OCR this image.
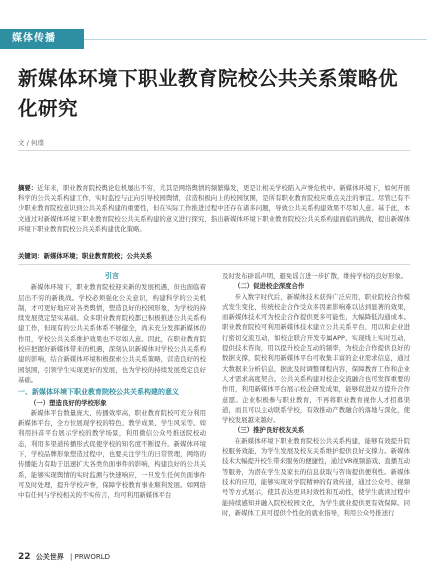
媒体传播
新媒体环境下职业教育院校公共关系策略优化研究
文 / 何璞
摘要：近年来，职业教育院校舆论危机屡出不穷，尤其是网络舆情的频繁爆发，更是让相关学校陷入声誉危机中。新媒体环境下，如何开展科学的公共关系构建工作，实时监控与正向引导校园舆情，营造积极向上的校园氛围，是所有职业教育院校应重点关注的事宜。尽管已有不少职业教育院校意识到公共关系构建的重要性，但在实际工作推进过程中还存在诸多问题，导致公共关系构建效果不尽如人意。基于此，本文通过对新媒体环境下职业教育院校公共关系构建的意义进行探究，指出新媒体环境下职业教育院校公共关系构建面临的挑战，提出新媒体环境下职业教育院校公共关系构建优化策略。
关键词：新媒体环境；职业教育院校；公共关系
引言

新媒体环境下，职业教育院校迎来新的发展机遇，但也面临着层出不穷的新挑战。学校必须强化公关意识，构建科学的公关机制，才可更好地应对各类舆情，塑造良好的校园形象，为学校的持续发展奠定坚实基础。众多职业教育院校都已积极推进公共关系构建工作，但现有的公共关系体系不够健全，尚未充分发挥新媒体的作用，学校公共关系维护效果也不尽如人意。因此，在职业教育院校应把握好新媒体带来的机遇，深刻认识新媒体对学校公共关系构建的影响，结合新媒体环境积极探索公共关系策略，营造良好的校园氛围，引领学生实现更好的发展，也为学校的持续发展奠定良好基础。

一、新媒体环境下职业教育院校公共关系构建的意义
（一）塑造良好的学校形象

新媒体平台数量庞大、传播效率高，职业教育院校可充分利用新媒体平台，全方位展现学校的特色、教学成果、学生风采等。如利用抖音平台展示学校的教学场景，利用微信公众号推送院校动态，利用多渠道传播形式促使学校的知名度不断提升。新媒体环境下，学校品牌形象塑造过程中，也要关注学生的日常管理，网络的传播能力有助于迅速扩大各类负面事件的影响，构建良好的公共关系，能够实现舆情的实时监测与快速响应，一旦发生任何负面事件可及时处理，提升学校声誉，保障学校教育事业顺利发展。如网络中有任何与学校相关的不实传言，均可利用新媒体平台

及时发布辟谣声明，避免谣言进一步扩散，维持学校的良好形象。

（二）促进校企深度合作

步入数字时代后，新媒体技术获得广泛应用，职业院校合作模式发生变化，传统校企合作受众多因素影响难以达到显著的效果，而新媒体技术可为校企合作提供更多可能性，大幅降低沟通成本。职业教育院校可利用新媒体技术建立公共关系平台，用以和企业进行密切交流互动，如校企联合开发专属APP、实现线上实时互动，提供技术咨询，用以提升校企互动的频率，为校企合作提供良好的数据支撑，院校利用新媒体平台可收集丰富的企业需求信息，通过大数据来分析信息，据此及时调整课程内容，保障教育工作和企业人才需求高度契合。公共关系构建对校企交流融合也可发挥重要的作用，利用新媒体平台展示校企研发成果，能够促进双方提升合作意愿。企业积极参与职业教育，不再将职业教育视作人才招募渠道，而且可以主动联系学校，有效推动产教融合的落地与深化，使学校发展越来越好。

（三）推护良好校友关系

在新媒体环境下职业教育院校公共关系构建，能够有效提升院校服务效能，为学生发展及校友关系维护提供良好支撑力。新媒体技术大幅提升校生带来服务的便捷性，通过VR视频游戏、直播互动等服务，为潜在学生及家长的信息获取与咨询提供便利性。新媒体技术的应用，能够实现对学院精神的有效传递，通过公众号、视频号等方式展示，使其表达更具时效性和互动性，使学生就读过程中能持续感知并融入院校校园文化，为学生就业提供更有效保障。同时，新媒体工具可提供个性化的就业指导，利用公众号推送行

22 公关世界 | PRWORLD
